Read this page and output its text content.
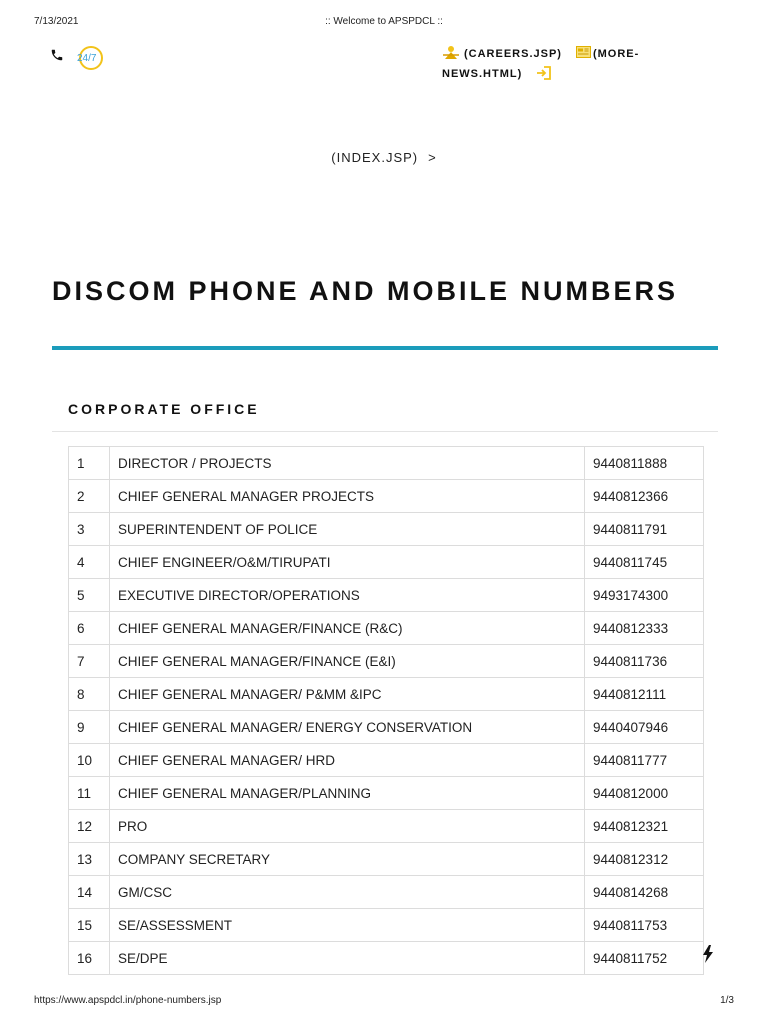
7/13/2021	:: Welcome to APSPDCL ::
24/7	(CAREERS.JSP)	(MORE-NEWS.HTML)
(INDEX.JSP) >
DISCOM PHONE AND MOBILE NUMBERS
CORPORATE OFFICE
1	DIRECTOR / PROJECTS	9440811888
2	CHIEF GENERAL MANAGER PROJECTS	9440812366
3	SUPERINTENDENT OF POLICE	9440811791
4	CHIEF ENGINEER/O&M/TIRUPATI	9440811745
5	EXECUTIVE DIRECTOR/OPERATIONS	9493174300
6	CHIEF GENERAL MANAGER/FINANCE (R&C)	9440812333
7	CHIEF GENERAL MANAGER/FINANCE (E&I)	9440811736
8	CHIEF GENERAL MANAGER/ P&MM &IPC	9440812111
9	CHIEF GENERAL MANAGER/ ENERGY CONSERVATION	9440407946
10	CHIEF GENERAL MANAGER/ HRD	9440811777
11	CHIEF GENERAL MANAGER/PLANNING	9440812000
12	PRO	9440812321
13	COMPANY SECRETARY	9440812312
14	GM/CSC	9440814268
15	SE/ASSESSMENT	9440811753
16	SE/DPE	9440811752
https://www.apspdcl.in/phone-numbers.jsp	1/3
